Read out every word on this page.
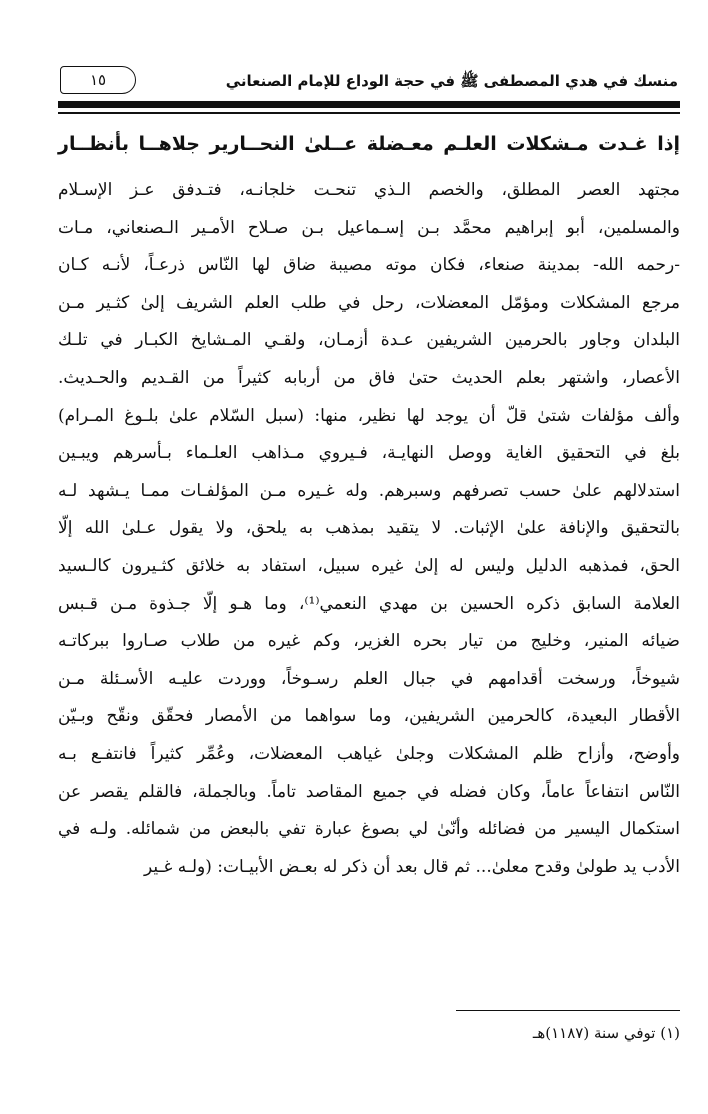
منسك في هدي المصطفى ﷺ في حجة الوداع للإمام الصنعاني
١٥
إذا غـدت مـشكلات العلـم معـضلة عــلىٰ النحــارير جلاهــا بأنظــار
مجتهد العصر المطلق، والخصم الـذي تنحـت خلجانـه، فتـدفق عـز الإسـلام
والمسلمين، أبو إبراهيم محمَّد بـن إسـماعيل بـن صـلاح الأمـير الـصنعاني، مـات
-رحمه الله- بمدينة صنعاء، فكان موته مصيبة ضاق لها النّاس ذرعـاً، لأنـه كـان
مرجع المشكلات ومؤمّل المعضلات، رحل في طلب العلم الشريف إلىٰ كثـير مـن
البلدان وجاور بالحرمين الشريفين عـدة أزمـان، ولقـي المـشايخ الكبـار في تلـك
الأعصار، واشتهر بعلم الحديث حتىٰ فاق من أربابه كثيراً من القـديم والحـديث.
وألف مؤلفات شتىٰ قلّ أن يوجد لها نظير، منها: (سبل السّلام علىٰ بلـوغ المـرام)
بلغ في التحقيق الغاية ووصل النهايـة، فـيروي مـذاهب العلـماء بـأسرهم ويبـين
استدلالهم علىٰ حسب تصرفهم وسبرهم. وله غـيره مـن المؤلفـات ممـا يـشهد لـه
بالتحقيق والإنافة علىٰ الإثبات. لا يتقيد بمذهب به يلحق، ولا يقول عـلىٰ الله إلّا
الحق، فمذهبه الدليل وليس له إلىٰ غيره سبيل، استفاد به خلائق كثـيرون كالـسيد
العلامة السابق ذكره الحسين بن مهدي النعمي⁽¹⁾، وما هـو إلّا جـذوة مـن قـبس
ضيائه المنير، وخليج من تيار بحره الغزير، وكم غيره من طلاب صـاروا ببركاتـه
شيوخاً، ورسخت أقدامهم في جبال العلم رسـوخاً، ووردت عليـه الأسـئلة مـن
الأقطار البعيدة، كالحرمين الشريفين، وما سواهما من الأمصار فحقّق ونقّح وبـيّن
وأوضح، وأزاح ظلم المشكلات وجلىٰ غياهب المعضلات، وعُمِّر كثيراً فانتفـع بـه
النّاس انتفاعاً عاماً، وكان فضله في جميع المقاصد تاماً. وبالجملة، فالقلم يقصر عن
استكمال اليسير من فضائله وأنّىٰ لي بصوغ عبارة تفي بالبعض من شمائله. ولـه في
الأدب يد طولىٰ وقدح معلىٰ... ثم قال بعد أن ذكر له بعـض الأبيـات: (ولـه غـير
(١) توفي سنة (١١٨٧)هـ
